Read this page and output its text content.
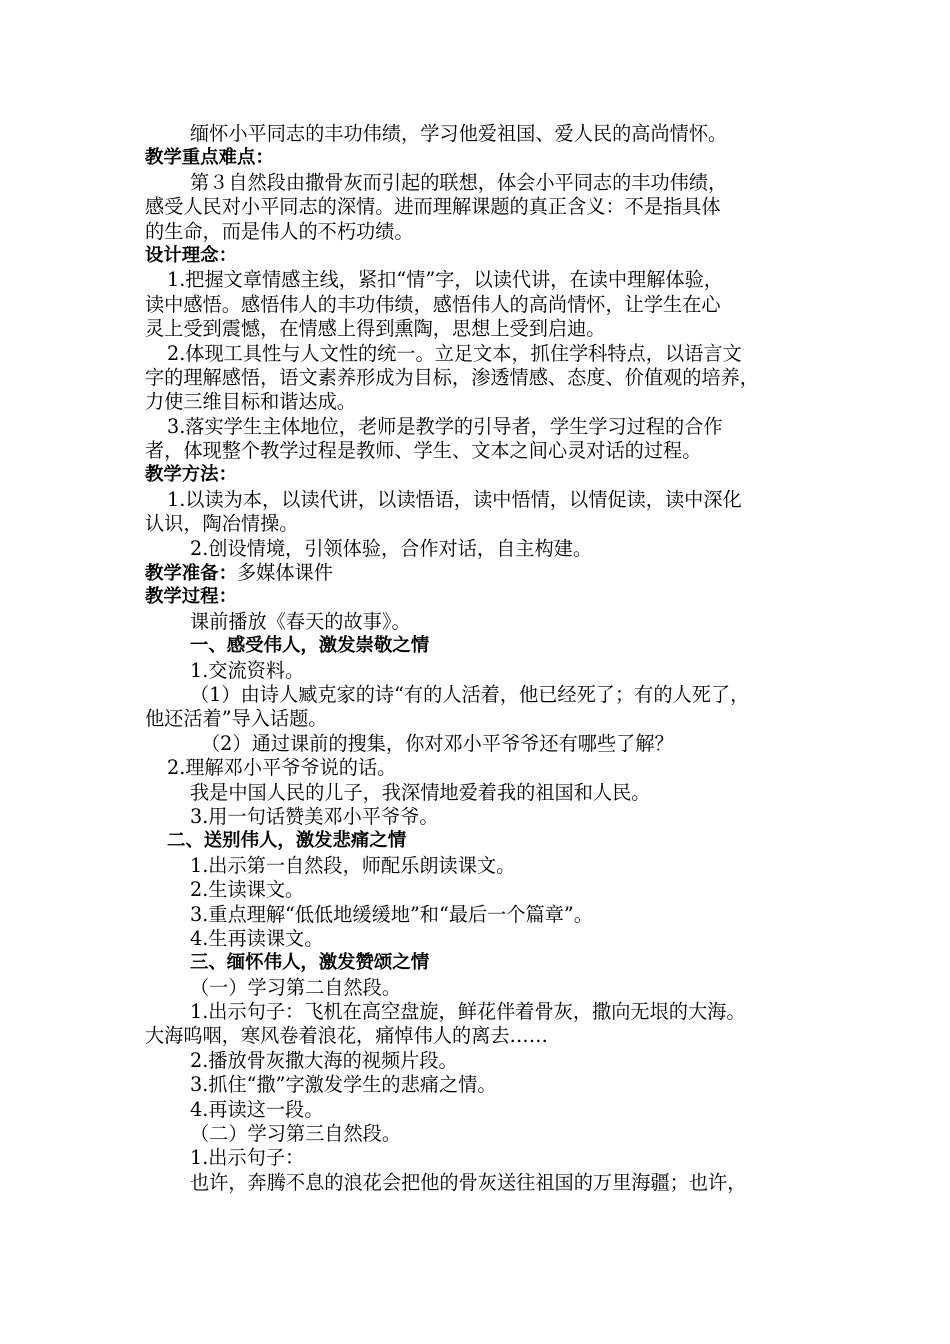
缅怀小平同志的丰功伟绩，学习他爱祖国、爱人民的高尚情怀。
教学重点难点：
第３自然段由撒骨灰而引起的联想，体会小平同志的丰功伟绩，
感受人民对小平同志的深情。进而理解课题的真正含义：不是指具体
的生命，而是伟人的不朽功绩。
设计理念：
1.把握文章情感主线，紧扣“情”字，以读代讲，在读中理解体验，
读中感悟。感悟伟人的丰功伟绩，感悟伟人的高尚情怀，让学生在心
灵上受到震憾，在情感上得到熏陶，思想上受到启迪。
2.体现工具性与人文性的统一。立足文本，抓住学科特点，以语言文
字的理解感悟，语文素养形成为目标，渗透情感、态度、价值观的培养，
力使三维目标和谐达成。
3.落实学生主体地位，老师是教学的引导者，学生学习过程的合作
者，体现整个教学过程是教师、学生、文本之间心灵对话的过程。
教学方法：
1.以读为本，以读代讲，以读悟语，读中悟情，以情促读，读中深化
认识，陶冶情操。
2.创设情境，引领体验，合作对话，自主构建。
教学准备：多媒体课件
教学过程：
课前播放《春天的故事》。
一、感受伟人，激发崇敬之情
1.交流资料。
（1）由诗人臧克家的诗“有的人活着，他已经死了；有的人死了，
他还活着”导入话题。
（2）通过课前的搜集，你对邓小平爷爷还有哪些了解？
2.理解邓小平爷爷说的话。
我是中国人民的儿子，我深情地爱着我的祖国和人民。
3.用一句话赞美邓小平爷爷。
二、送别伟人，激发悲痛之情
1.出示第一自然段，师配乐朗读课文。
2.生读课文。
3.重点理解“低低地缓缓地”和“最后一个篇章”。
4.生再读课文。
三、缅怀伟人，激发赞颂之情
（一）学习第二自然段。
1.出示句子：飞机在高空盘旋，鲜花伴着骨灰，撒向无垠的大海。
大海呜咽，寒风卷着浪花，痛悼伟人的离去……
2.播放骨灰撒大海的视频片段。
3.抓住“撒”字激发学生的悲痛之情。
4.再读这一段。
（二）学习第三自然段。
1.出示句子：
也许，奔腾不息的浪花会把他的骨灰送往祖国的万里海疆；也许，
